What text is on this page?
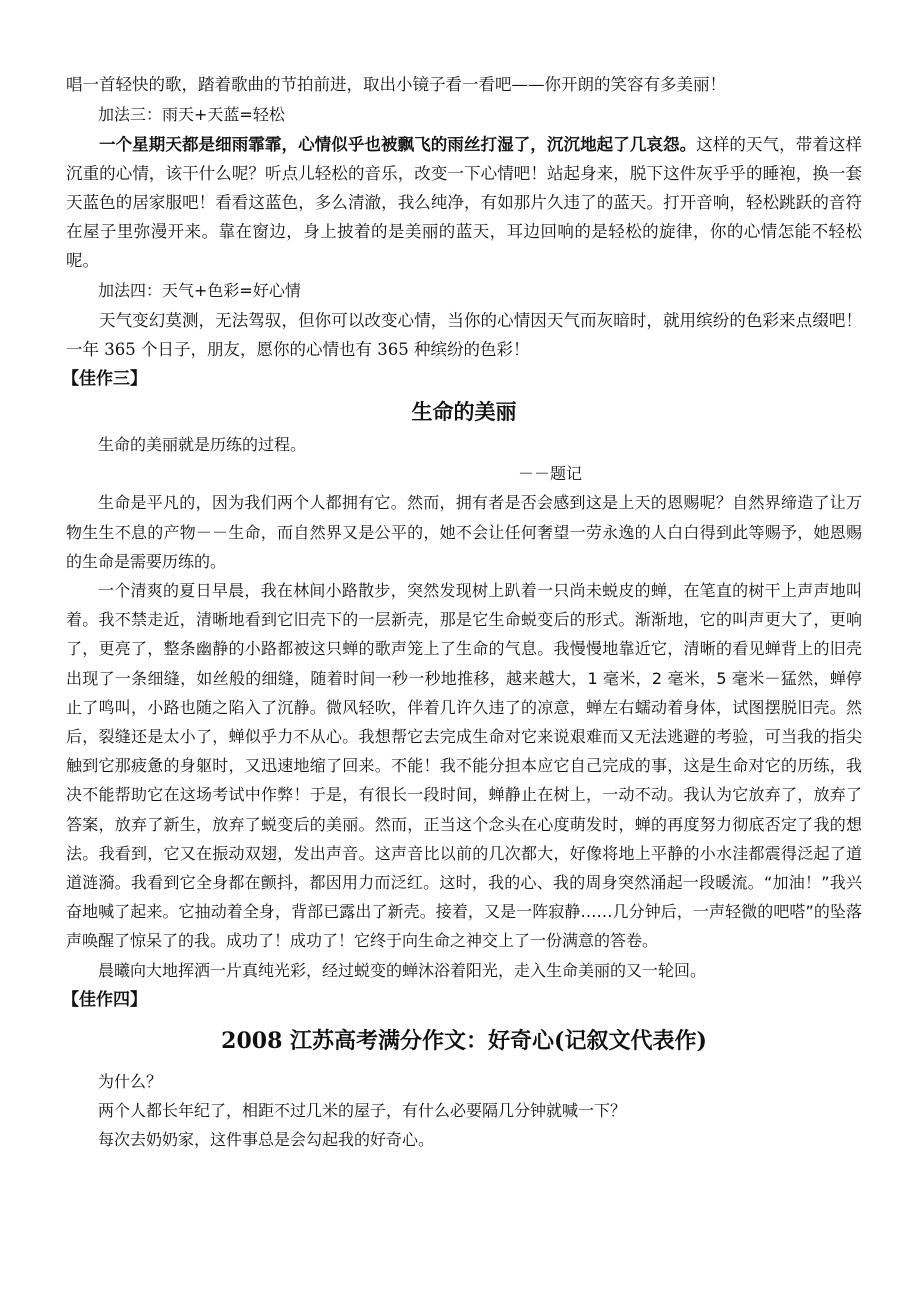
唱一首轻快的歌，踏着歌曲的节拍前进，取出小镜子看一看吧——你开朗的笑容有多美丽！

加法三：雨天+天蓝=轻松

一个星期天都是细雨霏霏，心情似乎也被飘飞的雨丝打湿了，沉沉地起了几哀怨。这样的天气，带着这样沉重的心情，该干什么呢？听点儿轻松的音乐，改变一下心情吧！站起身来，脱下这件灰乎乎的睡袍，换一套天蓝色的居家服吧！看看这蓝色，多么清澈，我么纯净，有如那片久违了的蓝天。打开音响，轻松跳跃的音符在屋子里弥漫开来。靠在窗边，身上披着的是美丽的蓝天，耳边回响的是轻松的旋律，你的心情怎能不轻松呢。

加法四：天气+色彩=好心情

天气变幻莫测，无法驾驭，但你可以改变心情，当你的心情因天气而灰暗时，就用缤纷的色彩来点缀吧！一年 365 个日子，朋友，愿你的心情也有 365 种缤纷的色彩！

【佳作三】
生命的美丽

生命的美丽就是历练的过程。

－－题记

生命是平凡的，因为我们两个人都拥有它。然而，拥有者是否会感到这是上天的恩赐呢？自然界缔造了让万物生生不息的产物－－生命，而自然界又是公平的，她不会让任何奢望一劳永逸的人白白得到此等赐予，她恩赐的生命是需要历练的。

一个清爽的夏日早晨，我在林间小路散步，突然发现树上趴着一只尚未蜕皮的蝉，在笔直的树干上声声地叫着。我不禁走近，清晰地看到它旧壳下的一层新壳，那是它生命蜕变后的形式。渐渐地，它的叫声更大了，更响了，更亮了，整条幽静的小路都被这只蝉的歌声笼上了生命的气息。我慢慢地靠近它，清晰的看见蝉背上的旧壳出现了一条细缝，如丝般的细缝，随着时间一秒一秒地推移，越来越大，1 毫米，2 毫米，5 毫米－猛然，蝉停止了鸣叫，小路也随之陷入了沉静。微风轻吹，伴着几许久违了的凉意，蝉左右蠕动着身体，试图摆脱旧壳。然后，裂缝还是太小了，蝉似乎力不从心。我想帮它去完成生命对它来说艰难而又无法逃避的考验，可当我的指尖触到它那疲惫的身躯时，又迅速地缩了回来。不能！我不能分担本应它自己完成的事，这是生命对它的历练，我决不能帮助它在这场考试中作弊！于是，有很长一段时间，蝉静止在树上，一动不动。我认为它放弃了，放弃了答案，放弃了新生，放弃了蜕变后的美丽。然而，正当这个念头在心度萌发时，蝉的再度努力彻底否定了我的想法。我看到，它又在振动双翅，发出声音。这声音比以前的几次都大，好像将地上平静的小水洼都震得泛起了道道涟漪。我看到它全身都在颤抖，都因用力而泛红。这时，我的心、我的周身突然涌起一段暖流。“加油！”我兴奋地喊了起来。它抽动着全身，背部已露出了新壳。接着，又是一阵寂静……几分钟后，一声轻微的吧嗒”的坠落声唤醒了惊呆了的我。成功了！成功了！它终于向生命之神交上了一份满意的答卷。

晨曦向大地挥洒一片真纯光彩，经过蜕变的蝉沐浴着阳光，走入生命美丽的又一轮回。

【佳作四】
2008 江苏高考满分作文：好奇心(记叙文代表作)

为什么？

两个人都长年纪了，相距不过几米的屋子，有什么必要隔几分钟就喊一下？

每次去奶奶家，这件事总是会勾起我的好奇心。
